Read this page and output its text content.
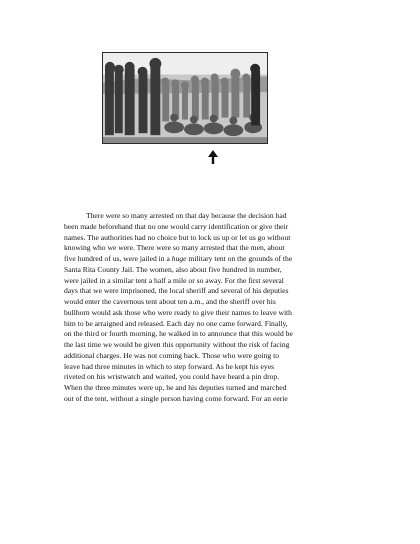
There were so many arrested on that day because the decision had
been made beforehand that no one would carry identification or give their
names. The authorities had no choice but to lock us up or let us go without
knowing who we were. There were so many arrested that the men, about
five hundred of us, were jailed in a huge military tent on the grounds of the
Santa Rita County Jail. The women, also about five hundred in number,
were jailed in a similar tent a half a mile or so away. For the first several
days that we were imprisoned, the local sheriff and several of his deputies
would enter the cavernous tent about ten a.m., and the sheriff over his
bullhorn would ask those who were ready to give their names to leave with
him to be arraigned and released. Each day no one came forward. Finally,
on the third or fourth morning, he walked in to announce that this would be
the last time we would be given this opportunity without the risk of facing
additional charges. He was not coming back. Those who were going to
leave had three minutes in which to step forward. As he kept his eyes
riveted on his wristwatch and waited, you could have heard a pin drop.
When the three minutes were up, he and his deputies turned and marched
out of the tent, without a single person having come forward. For an eerie
